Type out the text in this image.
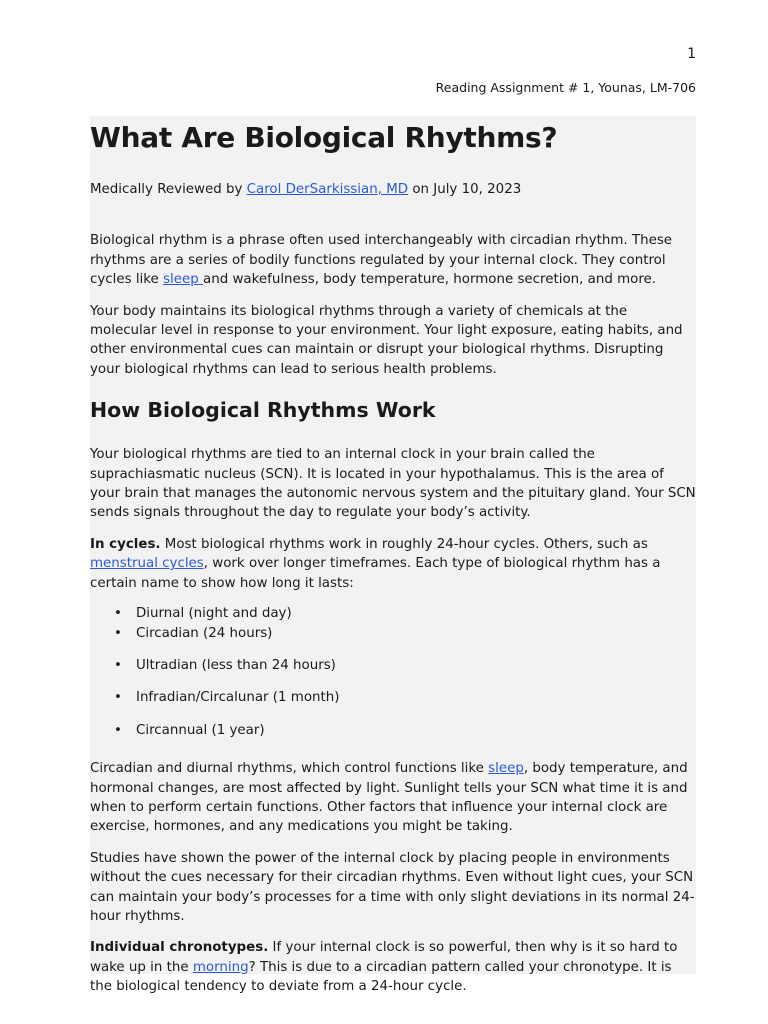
1
Reading Assignment # 1, Younas, LM-706
What Are Biological Rhythms?

Medically Reviewed by Carol DerSarkissian, MD on July 10, 2023

Biological rhythm is a phrase often used interchangeably with circadian rhythm. These rhythms are a series of bodily functions regulated by your internal clock. They control cycles like sleep and wakefulness, body temperature, hormone secretion, and more.

Your body maintains its biological rhythms through a variety of chemicals at the molecular level in response to your environment. Your light exposure, eating habits, and other environmental cues can maintain or disrupt your biological rhythms. Disrupting your biological rhythms can lead to serious health problems.

How Biological Rhythms Work

Your biological rhythms are tied to an internal clock in your brain called the suprachiasmatic nucleus (SCN). It is located in your hypothalamus. This is the area of your brain that manages the autonomic nervous system and the pituitary gland. Your SCN sends signals throughout the day to regulate your body’s activity.

In cycles. Most biological rhythms work in roughly 24-hour cycles. Others, such as menstrual cycles, work over longer timeframes. Each type of biological rhythm has a certain name to show how long it lasts:

• Diurnal (night and day)
• Circadian (24 hours)
• Ultradian (less than 24 hours)
• Infradian/Circalunar (1 month)
• Circannual (1 year)

Circadian and diurnal rhythms, which control functions like sleep, body temperature, and hormonal changes, are most affected by light. Sunlight tells your SCN what time it is and when to perform certain functions. Other factors that influence your internal clock are exercise, hormones, and any medications you might be taking.

Studies have shown the power of the internal clock by placing people in environments without the cues necessary for their circadian rhythms. Even without light cues, your SCN can maintain your body’s processes for a time with only slight deviations in its normal 24-hour rhythms.

Individual chronotypes. If your internal clock is so powerful, then why is it so hard to wake up in the morning? This is due to a circadian pattern called your chronotype. It is the biological tendency to deviate from a 24-hour cycle.
